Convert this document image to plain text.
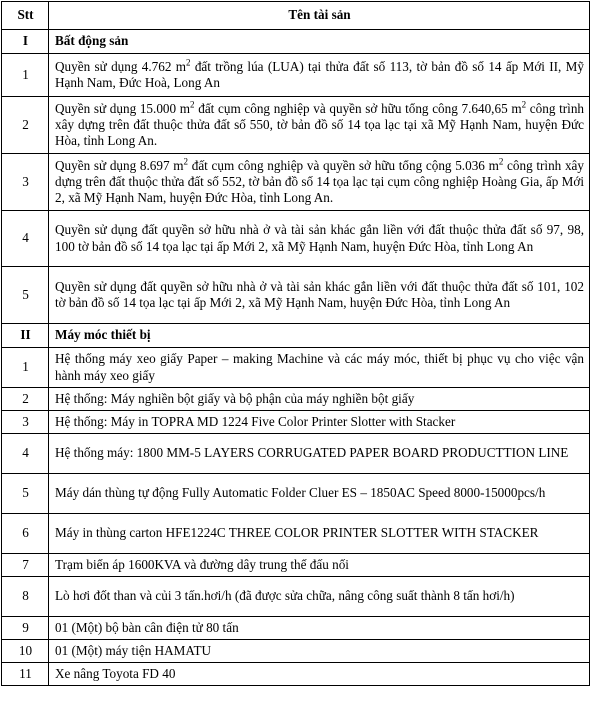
Stt	Tên tài sản
I	Bất động sản
1	Quyền sử dụng 4.762 $m^2$ đất trồng lúa (LUA) tại thửa đất số 113, tờ bản đồ số 14 ấp Mới II, Mỹ Hạnh Nam, Đức Hoà, Long An
2	Quyền sử dụng 15.000 $m^2$ đất cụm công nghiệp và quyền sở hữu tổng công 7.640,65 $m^2$ công trình xây dựng trên đất thuộc thửa đất số 550, tờ bản đồ số 14 tọa lạc tại xã Mỹ Hạnh Nam, huyện Đức Hòa, tỉnh Long An.
3	Quyền sử dụng 8.697 $m^2$ đất cụm công nghiệp và quyền sở hữu tổng cộng 5.036 $m^2$ công trình xây dựng trên đất thuộc thửa đất số 552, tờ bản đồ số 14 tọa lạc tại cụm công nghiệp Hoàng Gia, ấp Mới 2, xã Mỹ Hạnh Nam, huyện Đức Hòa, tỉnh Long An.
4	Quyền sử dụng đất quyền sở hữu nhà ở và tài sản khác gắn liền với đất thuộc thửa đất số 97, 98, 100 tờ bản đồ số 14 tọa lạc tại ấp Mới 2, xã Mỹ Hạnh Nam, huyện Đức Hòa, tỉnh Long An
5	Quyền sử dụng đất quyền sở hữu nhà ở và tài sản khác gắn liền với đất thuộc thửa đất số 101, 102 tờ bản đồ số 14 tọa lạc tại ấp Mới 2, xã Mỹ Hạnh Nam, huyện Đức Hòa, tỉnh Long An
II	Máy móc thiết bị
1	Hệ thống máy xeo giấy Paper – making Machine và các máy móc, thiết bị phục vụ cho việc vận hành máy xeo giấy
2	Hệ thống: Máy nghiền bột giấy và bộ phận của máy nghiền bột giấy
3	Hệ thống: Máy in TOPRA MD 1224 Five Color Printer Slotter with Stacker
4	Hệ thống máy: 1800 MM-5 LAYERS CORRUGATED PAPER BOARD PRODUCTTION LINE
5	Máy dán thùng tự động Fully Automatic Folder Cluer ES – 1850AC Speed 8000-15000pcs/h
6	Máy in thùng carton HFE1224C THREE COLOR PRINTER SLOTTER WITH STACKER
7	Trạm biến áp 1600KVA và đường dây trung thế đấu nối
8	Lò hơi đốt than và củi 3 tấn.hơi/h (đã được sửa chữa, nâng công suất thành 8 tấn hơi/h)
9	01 (Một) bộ bàn cân điện tử 80 tấn
10	01 (Một) máy tiện HAMATU
11	Xe nâng Toyota FD 40
